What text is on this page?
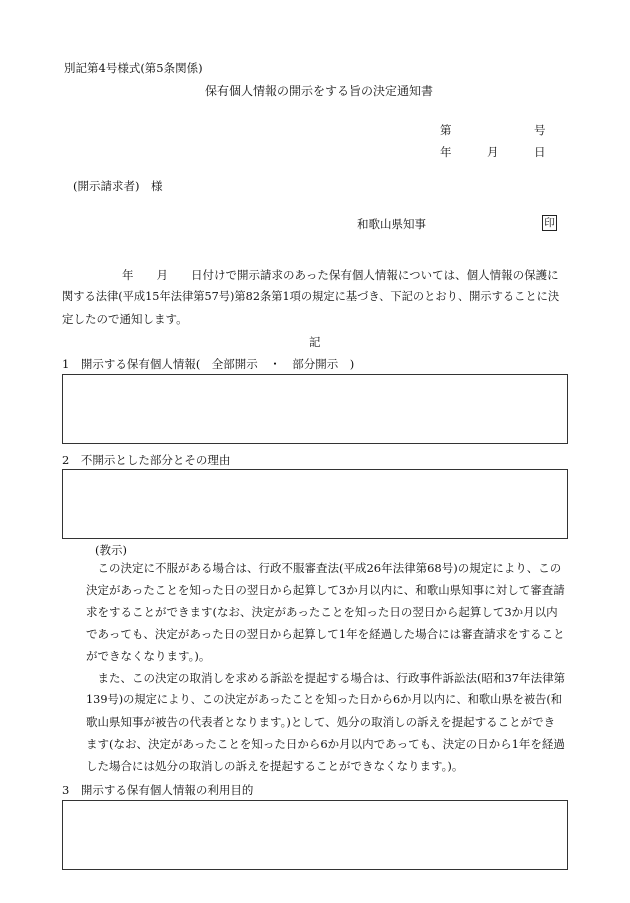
別記第4号様式(第5条関係)
保有個人情報の開示をする旨の決定通知書
第	号
年	月	日
(開示請求者)　様
和歌山県知事	印
年　　月　　日付けで開示請求のあった保有個人情報については、個人情報の保護に
関する法律(平成15年法律第57号)第82条第1項の規定に基づき、下記のとおり、開示することに決
定したので通知します。
記
1　開示する保有個人情報(　全部開示　・　部分開示　)
2　不開示とした部分とその理由
(教示)
　この決定に不服がある場合は、行政不服審査法(平成26年法律第68号)の規定により、この
決定があったことを知った日の翌日から起算して3か月以内に、和歌山県知事に対して審査請
求をすることができます(なお、決定があったことを知った日の翌日から起算して3か月以内
であっても、決定があった日の翌日から起算して1年を経過した場合には審査請求をすること
ができなくなります。)。
　また、この決定の取消しを求める訴訟を提起する場合は、行政事件訴訟法(昭和37年法律第
139号)の規定により、この決定があったことを知った日から6か月以内に、和歌山県を被告(和
歌山県知事が被告の代表者となります。)として、処分の取消しの訴えを提起することができ
ます(なお、決定があったことを知った日から6か月以内であっても、決定の日から1年を経過
した場合には処分の取消しの訴えを提起することができなくなります。)。
3　開示する保有個人情報の利用目的
